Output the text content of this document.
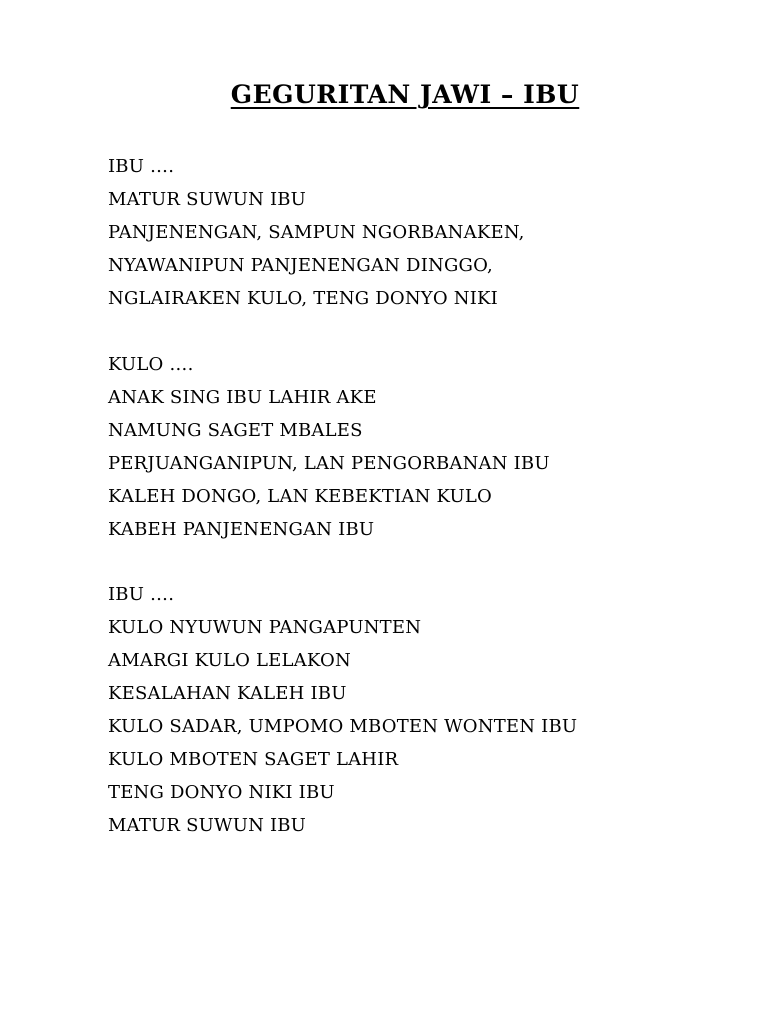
GEGURITAN JAWI – IBU
IBU ….
MATUR SUWUN IBU
PANJENENGAN, SAMPUN NGORBANAKEN,
NYAWANIPUN PANJENENGAN DINGGO,
NGLAIRAKEN KULO, TENG DONYO NIKI
KULO ….
ANAK SING IBU LAHIR AKE
NAMUNG SAGET MBALES
PERJUANGANIPUN, LAN PENGORBANAN IBU
KALEH DONGO, LAN KEBEKTIAN KULO
KABEH PANJENENGAN IBU
IBU ….
KULO NYUWUN PANGAPUNTEN
AMARGI KULO LELAKON
KESALAHAN KALEH IBU
KULO SADAR, UMPOMO MBOTEN WONTEN IBU
KULO MBOTEN SAGET LAHIR
TENG DONYO NIKI IBU
MATUR SUWUN IBU
